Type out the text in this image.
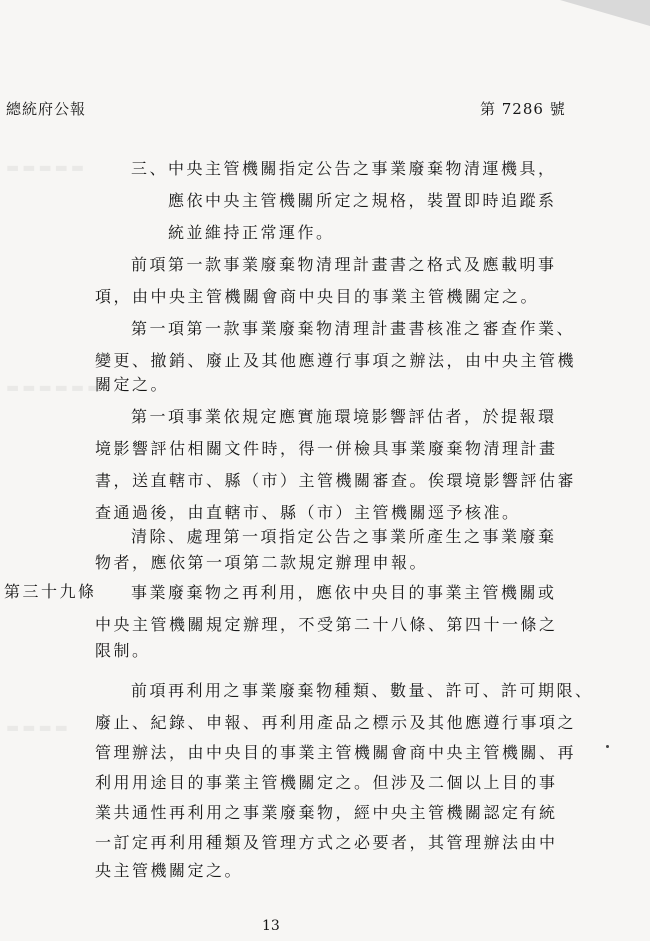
▬▬▬▬▬
▬▬▬▬▬▬
▬▬▬▬
總統府公報	第 7286 號
三、中央主管機關指定公告之事業廢棄物清運機具，
應依中央主管機關所定之規格，裝置即時追蹤系
統並維持正常運作。
前項第一款事業廢棄物清理計畫書之格式及應載明事
項，由中央主管機關會商中央目的事業主管機關定之。
第一項第一款事業廢棄物清理計畫書核准之審查作業、
變更、撤銷、廢止及其他應遵行事項之辦法，由中央主管機
關定之。
第一項事業依規定應實施環境影響評估者，於提報環
境影響評估相關文件時，得一併檢具事業廢棄物清理計畫
書，送直轄市、縣（市）主管機關審查。俟環境影響評估審
查通過後，由直轄市、縣（市）主管機關逕予核准。
清除、處理第一項指定公告之事業所產生之事業廢棄
物者，應依第一項第二款規定辦理申報。
第三十九條 事業廢棄物之再利用，應依中央目的事業主管機關或
中央主管機關規定辦理，不受第二十八條、第四十一條之
限制。
前項再利用之事業廢棄物種類、數量、許可、許可期限、
廢止、紀錄、申報、再利用產品之標示及其他應遵行事項之
管理辦法，由中央目的事業主管機關會商中央主管機關、再
利用用途目的事業主管機關定之。但涉及二個以上目的事
業共通性再利用之事業廢棄物，經中央主管機關認定有統
一訂定再利用種類及管理方式之必要者，其管理辦法由中
央主管機關定之。
13
